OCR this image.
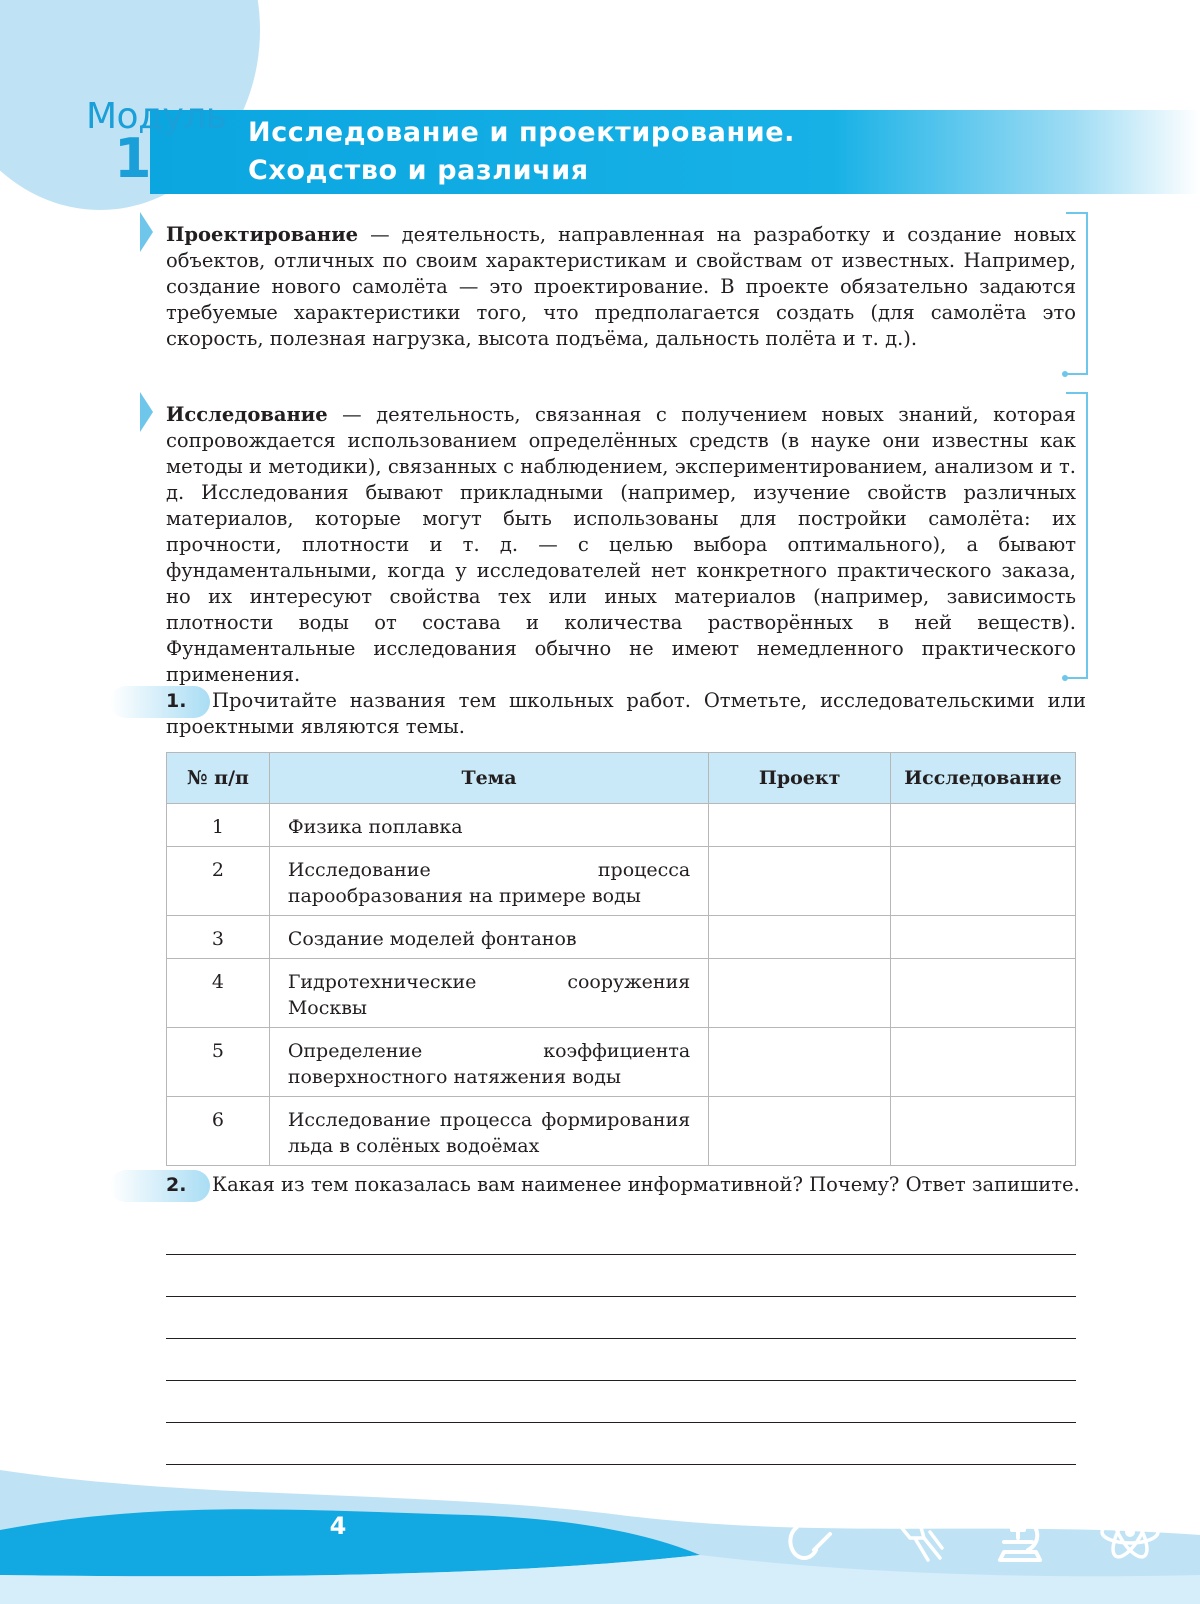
Модуль
1	Исследование и проектирование.
Сходство и различия

Проектирование — деятельность, направленная на разработку и создание новых объектов, отличных по своим характеристикам и свойствам от известных. Например, создание нового самолёта — это проектирование. В проекте обязательно задаются требуемые характеристики того, что предполагается создать (для самолёта это скорость, полезная нагрузка, высота подъёма, дальность полёта и т. д.).

Исследование — деятельность, связанная с получением новых знаний, которая сопровождается использованием определённых средств (в науке они известны как методы и методики), связанных с наблюдением, экспериментированием, анализом и т. д. Исследования бывают прикладными (например, изучение свойств различных материалов, которые могут быть использованы для постройки самолёта: их прочности, плотности и т. д. — с целью выбора оптимального), а бывают фундаментальными, когда у исследователей нет конкретного практического заказа, но их интересуют свойства тех или иных материалов (например, зависимость плотности воды от состава и количества растворённых в ней веществ). Фундаментальные исследования обычно не имеют немедленного практического применения.

1.	Прочитайте названия тем школьных работ. Отметьте, исследовательскими или проектными являются темы.
№ п/п	Тема	Проект	Исследование
1	Физика поплавка		
2	Исследование процесса парообразования на примере воды		
3	Создание моделей фонтанов		
4	Гидротехнические сооружения Москвы		
5	Определение коэффициента поверхностного натяжения воды		
6	Исследование процесса формирования льда в солёных водоёмах		
2.	Какая из тем показалась вам наименее информативной? Почему? Ответ запишите.
4
